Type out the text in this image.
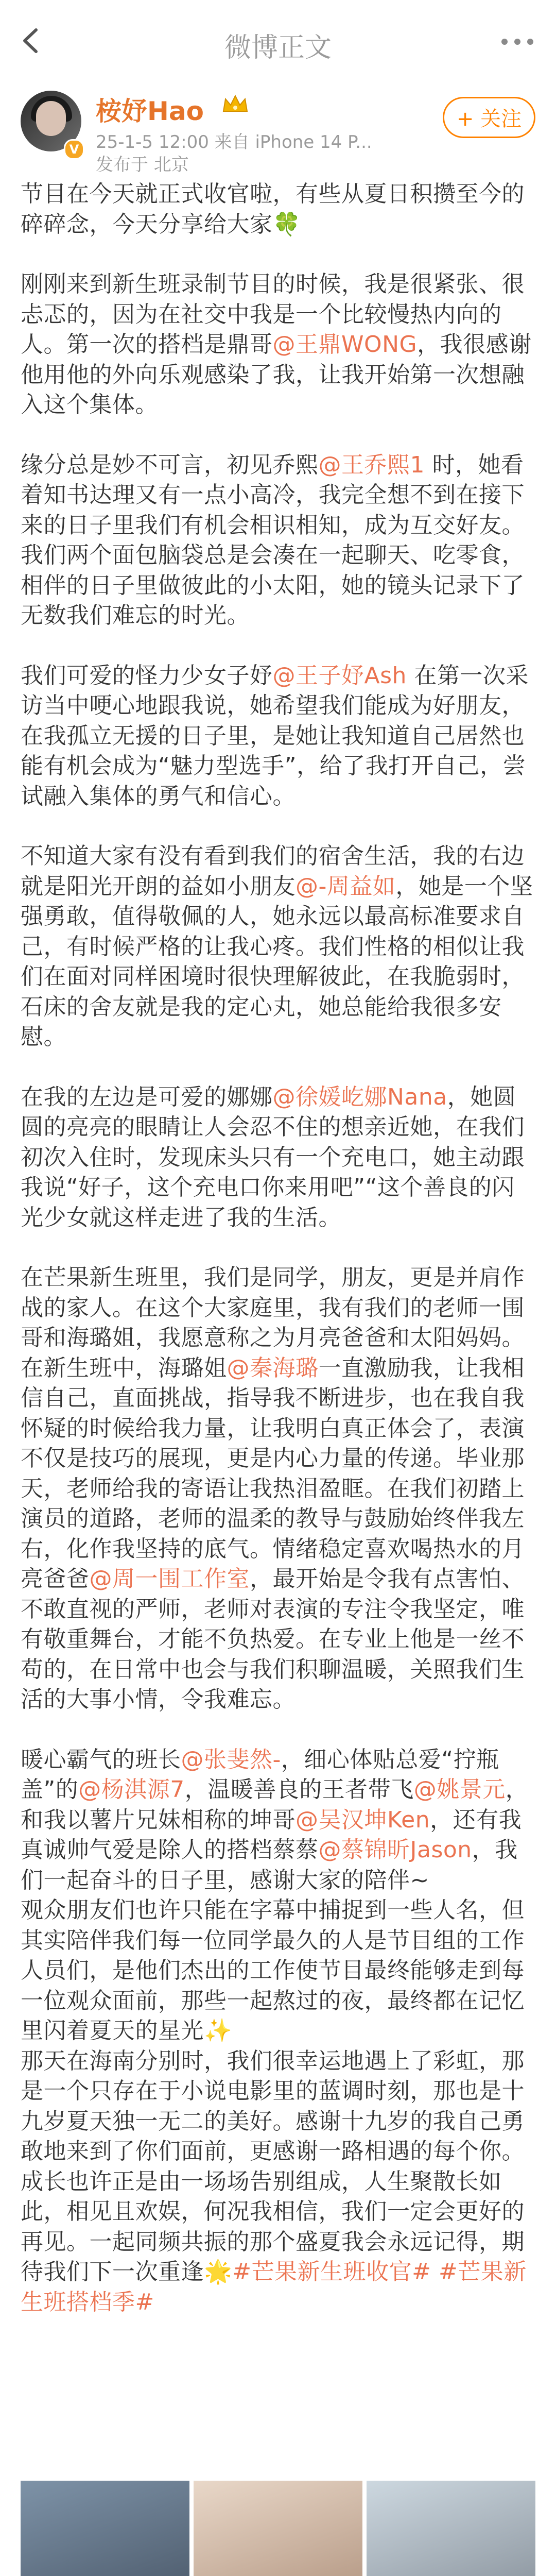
微博正文
V
桉妤Hao
25-1-5 12:00 来自 iPhone 14 P...
发布于 北京
+ 关注

节目在今天就正式收官啦，有些从夏日积攒至今的碎碎念，今天分享给大家🍀

刚刚来到新生班录制节目的时候，我是很紧张、很忐忑的，因为在社交中我是一个比较慢热内向的人。第一次的搭档是鼎哥@王鼎WONG，我很感谢他用他的外向乐观感染了我，让我开始第一次想融入这个集体。

缘分总是妙不可言，初见乔熙@王乔熙1 时，她看着知书达理又有一点小高冷，我完全想不到在接下来的日子里我们有机会相识相知，成为互交好友。我们两个面包脑袋总是会凑在一起聊天、吃零食，相伴的日子里做彼此的小太阳，她的镜头记录下了无数我们难忘的时光。

我们可爱的怪力少女子妤@王子妤Ash 在第一次采访当中哽心地跟我说，她希望我们能成为好朋友，在我孤立无援的日子里，是她让我知道自己居然也能有机会成为“魅力型选手”，给了我打开自己，尝试融入集体的勇气和信心。

不知道大家有没有看到我们的宿舍生活，我的右边就是阳光开朗的益如小朋友@-周益如，她是一个坚强勇敢，值得敬佩的人，她永远以最高标准要求自己，有时候严格的让我心疼。我们性格的相似让我们在面对同样困境时很快理解彼此，在我脆弱时，石床的舍友就是我的定心丸，她总能给我很多安慰。

在我的左边是可爱的娜娜@徐媛屹娜Nana，她圆圆的亮亮的眼睛让人会忍不住的想亲近她，在我们初次入住时，发现床头只有一个充电口，她主动跟我说“好子，这个充电口你来用吧”“这个善良的闪光少女就这样走进了我的生活。

在芒果新生班里，我们是同学，朋友，更是并肩作战的家人。在这个大家庭里，我有我们的老师一围哥和海璐姐，我愿意称之为月亮爸爸和太阳妈妈。在新生班中，海璐姐@秦海璐一直激励我，让我相信自己，直面挑战，指导我不断进步，也在我自我怀疑的时候给我力量，让我明白真正体会了，表演不仅是技巧的展现，更是内心力量的传递。毕业那天，老师给我的寄语让我热泪盈眶。在我们初踏上演员的道路，老师的温柔的教导与鼓励始终伴我左右，化作我坚持的底气。情绪稳定喜欢喝热水的月亮爸爸@周一围工作室，最开始是令我有点害怕、不敢直视的严师，老师对表演的专注令我坚定，唯有敬重舞台，才能不负热爱。在专业上他是一丝不苟的，在日常中也会与我们积聊温暖，关照我们生活的大事小情，令我难忘。

暖心霸气的班长@张斐然-，细心体贴总爱“拧瓶盖”的@杨淇源7，温暖善良的王者带飞@姚景元，和我以薯片兄妹相称的坤哥@吴汉坤Ken，还有我真诚帅气爱是除人的搭档蔡蔡@蔡锦昕Jason，我们一起奋斗的日子里，感谢大家的陪伴~
观众朋友们也许只能在字幕中捕捉到一些人名，但其实陪伴我们每一位同学最久的人是节目组的工作人员们，是他们杰出的工作使节目最终能够走到每一位观众面前，那些一起熬过的夜，最终都在记忆里闪着夏天的星光✨
那天在海南分别时，我们很幸运地遇上了彩虹，那是一个只存在于小说电影里的蓝调时刻，那也是十九岁夏天独一无二的美好。感谢十九岁的我自己勇敢地来到了你们面前，更感谢一路相遇的每个你。成长也许正是由一场场告别组成，人生聚散长如此，相见且欢娱，何况我相信，我们一定会更好的再见。一起同频共振的那个盛夏我会永远记得，期待我们下一次重逢🌟#芒果新生班收官# #芒果新生班搭档季#
